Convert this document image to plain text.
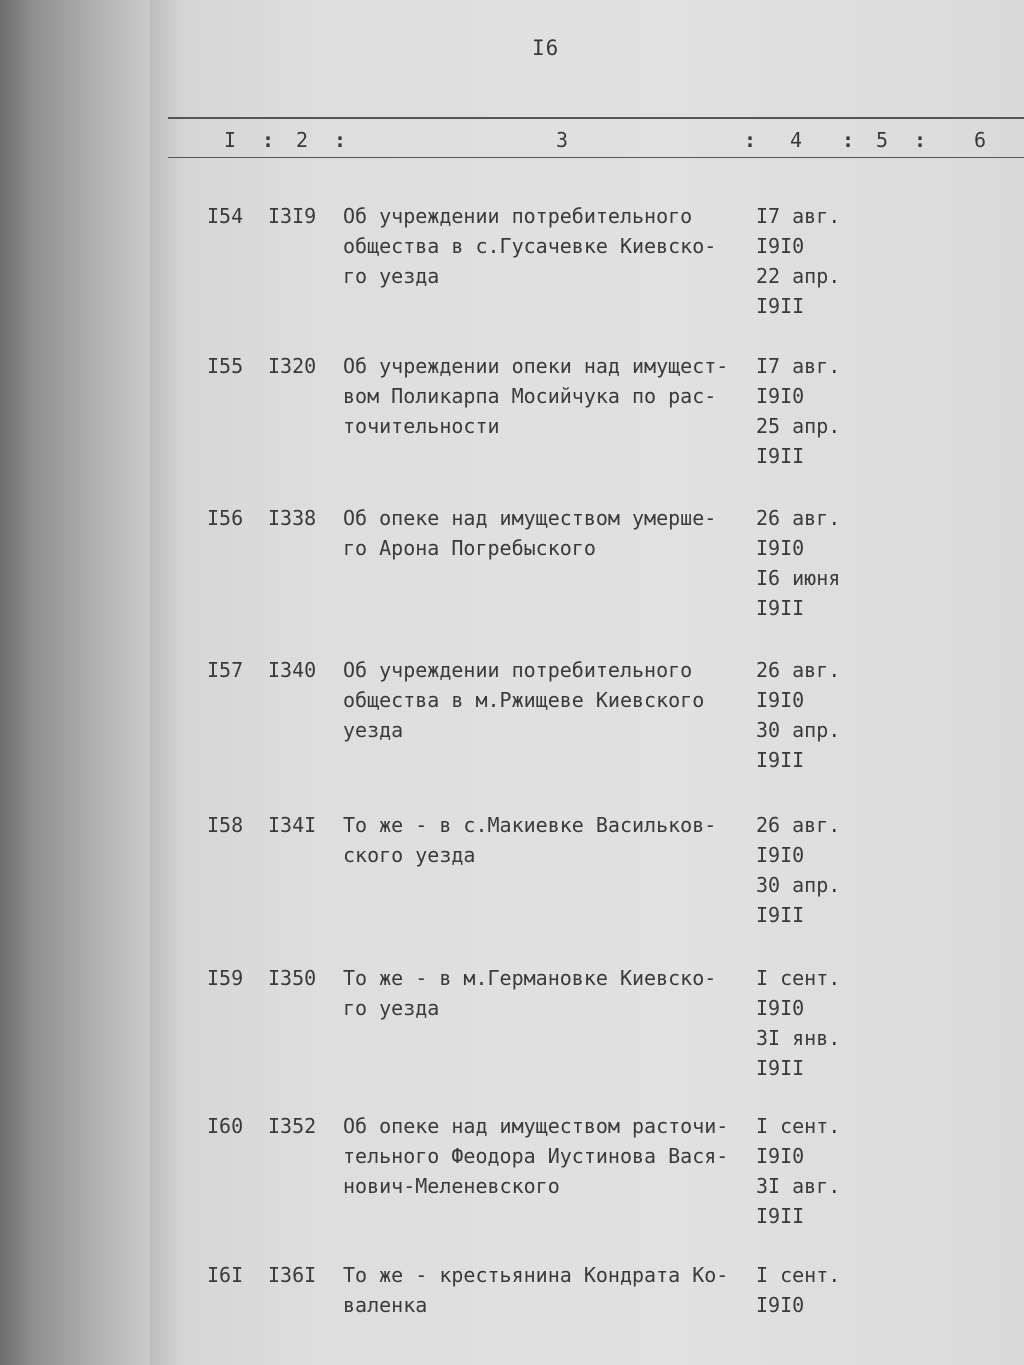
I6
I : 2 :	3	: 4 : 5 : 6
I54 I3I9 Об учреждении потребительного
общества в с.Гусачевке Киевско-
го уезда
I7 авг.
I9I0
22 апр.
I9II
I55 I320 Об учреждении опеки над имущест-
вом Поликарпа Мосийчука по рас-
точительности
I7 авг.
I9I0
25 апр.
I9II
I56 I338 Об опеке над имуществом умерше-
го Арона Погребыского
26 авг.
I9I0
I6 июня
I9II
I57 I340 Об учреждении потребительного
общества в м.Ржищеве Киевского
уезда
26 авг.
I9I0
30 апр.
I9II
I58 I34I То же - в с.Макиевке Васильков-
ского уезда
26 авг.
I9I0
30 апр.
I9II
I59 I350 То же - в м.Германовке Киевско-
го уезда
I сент.
I9I0
3I янв.
I9II
I60 I352 Об опеке над имуществом расточи-
тельного Феодора Иустинова Вася-
нович-Меленевского
I сент.
I9I0
3I авг.
I9II
I6I I36I То же - крестьянина Кондрата Ко-
валенка
I сент.
I9I0
